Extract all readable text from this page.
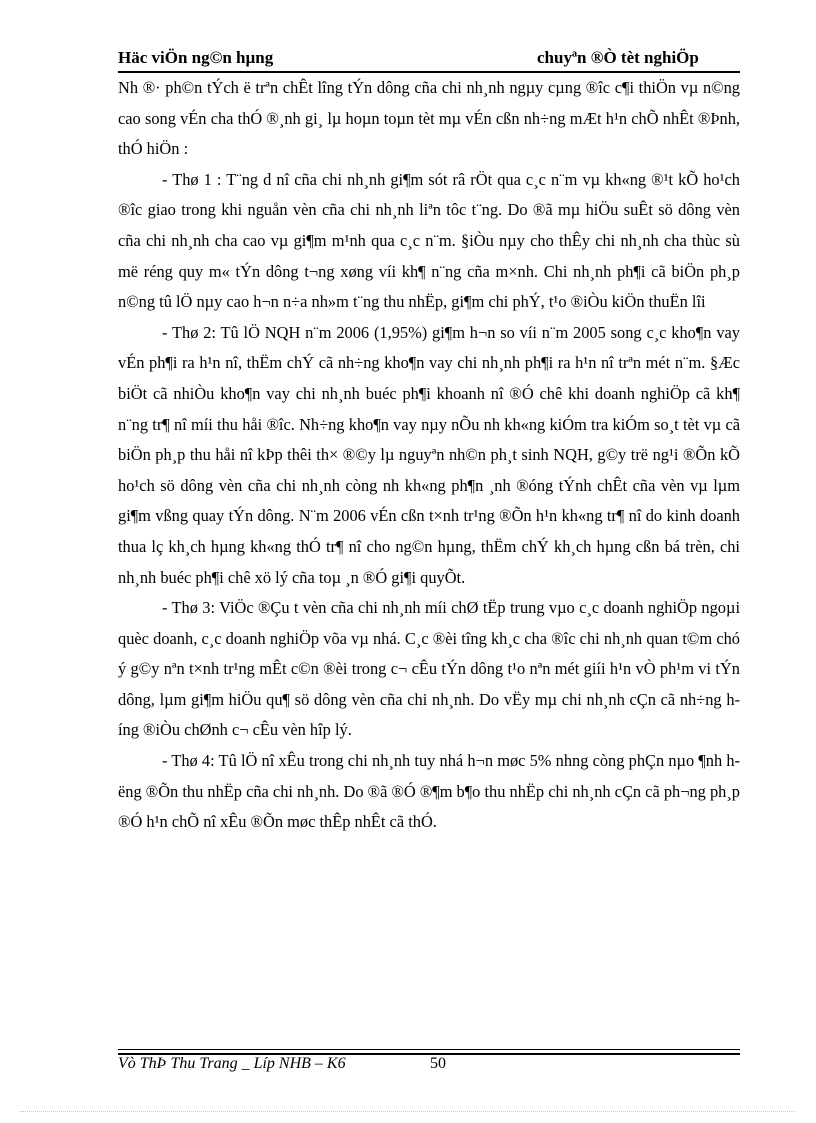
Häc viÖn ng©n hµng	chuyªn ®Ò tèt nghiÖp

Nh ®· ph©n tÝch ë trªn chÊt lîng tÝn dông cña chi nh¸nh ngµy cµng ®îc c¶i thiÖn vµ n©ng cao song vÉn cha thÓ ®¸nh gi¸ lµ hoµn toµn tèt mµ vÉn cßn nh÷ng mÆt h¹n chÕ nhÊt ®Þnh, thÓ hiÖn :

- Thø 1 : T¨ng d nî cña chi nh¸nh gi¶m sót râ rÖt qua c¸c n¨m vµ kh«ng ®¹t kÕ ho¹ch ®îc giao trong khi nguån vèn cña chi nh¸nh liªn tôc t¨ng. Do ®ã mµ hiÖu suÊt sö dông vèn cña chi nh¸nh cha cao vµ gi¶m m¹nh qua c¸c n¨m. §iÒu nµy cho thÊy chi nh¸nh cha thùc sù më réng quy m« tÝn dông t¬ng xøng víi kh¶ n¨ng cña m×nh. Chi nh¸nh ph¶i cã biÖn ph¸p n©ng tû lÖ nµy cao h¬n n÷a nh»m t¨ng thu nhËp, gi¶m chi phÝ, t¹o ®iÒu kiÖn thuËn lîi

- Thø 2: Tû lÖ NQH n¨m 2006 (1,95%) gi¶m h¬n so víi n¨m 2005 song c¸c kho¶n vay vÉn ph¶i ra h¹n nî, thËm chÝ cã nh÷ng kho¶n vay chi nh¸nh ph¶i ra h¹n nî trªn mét n¨m. §Æc biÖt cã nhiÒu kho¶n vay chi nh¸nh buéc ph¶i khoanh nî ®Ó chê khi doanh nghiÖp cã kh¶ n¨ng tr¶ nî míi thu håi ®îc. Nh÷ng kho¶n vay nµy nÕu nh kh«ng kiÓm tra kiÓm so¸t tèt vµ cã biÖn ph¸p thu håi nî kÞp thêi th× ®©y lµ nguyªn nh©n ph¸t sinh NQH, g©y trë ng¹i ®Õn kÕ ho¹ch sö dông vèn cña chi nh¸nh còng nh kh«ng ph¶n ¸nh ®óng tÝnh chÊt cña vèn vµ lµm gi¶m vßng quay tÝn dông. N¨m 2006 vÉn cßn t×nh tr¹ng ®Õn h¹n kh«ng tr¶ nî do kinh doanh thua lç kh¸ch hµng kh«ng thÓ tr¶ nî cho ng©n hµng, thËm chÝ kh¸ch hµng cßn bá trèn, chi nh¸nh buéc ph¶i chê xö lý cña toµ ¸n ®Ó gi¶i quyÕt.

- Thø 3: ViÖc ®Çu t vèn cña chi nh¸nh míi chØ tËp trung vµo c¸c doanh nghiÖp ngoµi quèc doanh, c¸c doanh nghiÖp võa vµ nhá. C¸c ®èi tîng kh¸c cha ®îc chi nh¸nh quan t©m chó ý g©y nªn t×nh tr¹ng mÊt c©n ®èi trong c¬ cÊu tÝn dông t¹o nªn mét giíi h¹n vÒ ph¹m vi tÝn dông, lµm gi¶m hiÖu qu¶ sö dông vèn cña chi nh¸nh. Do vËy mµ chi nh¸nh cÇn cã nh÷ng híng ®iÒu chØnh c¬ cÊu vèn hîp lý.

- Thø 4: Tû lÖ nî xÊu trong chi nh¸nh tuy nhá h¬n møc 5% nhng còng phÇn nµo ¶nh hëng ®Õn thu nhËp cña chi nh¸nh. Do ®ã ®Ó ®¶m b¶o thu nhËp chi nh¸nh cÇn cã ph¬ng ph¸p ®Ó h¹n chÕ nî xÊu ®Õn møc thÊp nhÊt cã thÓ.

Vò ThÞ Thu Trang _ Líp NHB – K6	50
